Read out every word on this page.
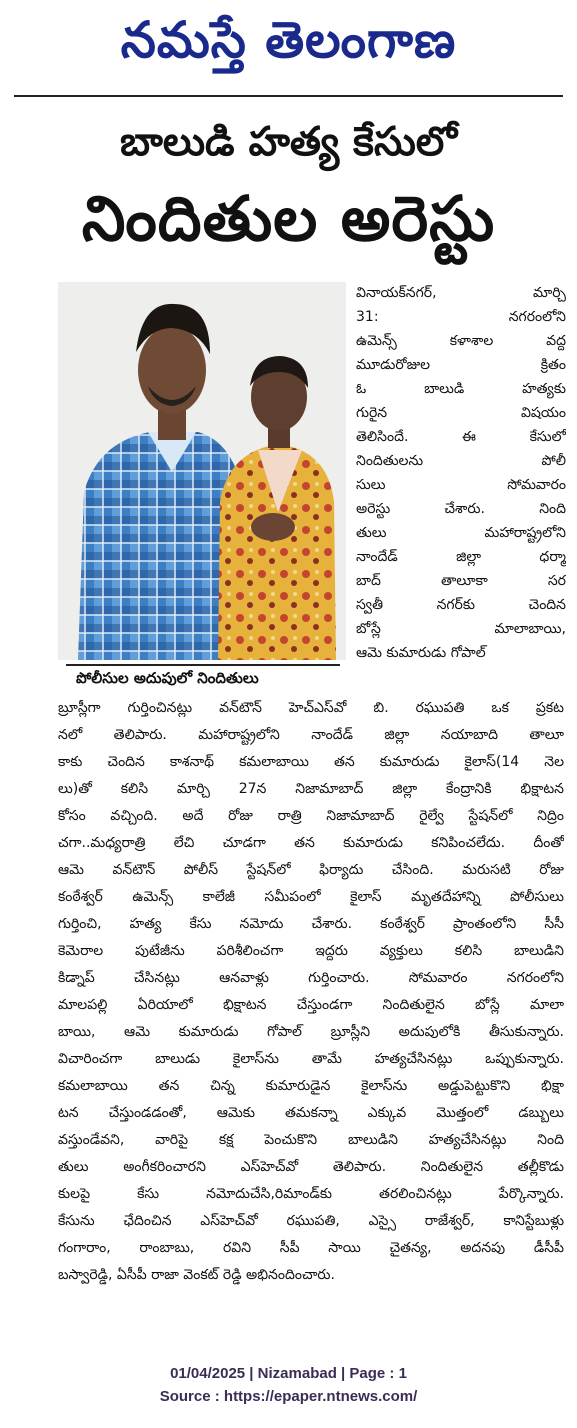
నమస్తే తెలంగాణ
బాలుడి హత్య కేసులో
నిందితుల అరెస్టు
పోలీసుల అదుపులో నిందితులు
వినాయక్‌నగర్, మార్చి
31: నగరంలోని
ఉమెన్స్ కళాశాల వద్ద
మూడురోజుల క్రితం
ఓ బాలుడి హత్యకు
గురైన విషయం
తెలిసిందే. ఈ కేసులో
నిందితులను పోలీ
సులు సోమవారం
అరెస్టు చేశారు. నింది
తులు మహారాష్ట్రలోని
నాందేడ్ జిల్లా ధర్మా
బాద్ తాలూకా సర
స్వతీ నగర్‌కు చెందిన
బోస్లే మాలాబాయి,
ఆమె కుమారుడు గోపాల్
బ్రూస్లీగా గుర్తించినట్లు వన్‌టౌన్ హెచ్ఎస్‌వో బి. రఘుపతి ఒక ప్రకట
నలో తెలిపారు. మహారాష్ట్రలోని నాందేడ్ జిల్లా నయాబాది తాలూ
కాకు చెందిన కాశనాథ్ కమలాబాయి తన కుమారుడు కైలాస్(14 నెల
లు)తో కలిసి మార్చి 27న నిజామాబాద్ జిల్లా కేంద్రానికి భిక్షాటన
కోసం వచ్చింది. అదే రోజు రాత్రి నిజామాబాద్ రైల్వే స్టేషన్‌లో నిద్రిం
చగా..మధ్యరాత్రి లేచి చూడగా తన కుమారుడు కనిపించలేదు. దీంతో
ఆమె వన్‌టౌన్ పోలీస్ స్టేషన్‌లో ఫిర్యాదు చేసింది. మరుసటి రోజు
కంఠేశ్వర్ ఉమెన్స్ కాలేజీ సమీపంలో కైలాస్ మృతదేహాన్ని పోలీసులు
గుర్తించి, హత్య కేసు నమోదు చేశారు. కంఠేశ్వర్ ప్రాంతంలోని సీసీ
కెమెరాల పుటేజీను పరిశీలించగా ఇద్దరు వ్యక్తులు కలిసి బాలుడిని
కిడ్నాప్ చేసినట్లు ఆనవాళ్లు గుర్తించారు. సోమవారం నగరంలోని
మాలపల్లి ఏరియాలో భిక్షాటన చేస్తుండగా నిందితులైన బోస్లే మాలా
బాయి, ఆమె కుమారుడు గోపాల్ బ్రూస్లీని అదుపులోకి తీసుకున్నారు.
విచారించగా బాలుడు కైలాస్‌ను తామే హత్యచేసినట్లు ఒప్పుకున్నారు.
కమలాబాయి తన చిన్న కుమారుడైన కైలాస్‌ను అడ్డుపెట్టుకొని భిక్షా
టన చేస్తుండడంతో, ఆమెకు తమకన్నా ఎక్కువ మొత్తంలో డబ్బులు
వస్తుండేవని, వారిపై కక్ష పెంచుకొని బాలుడిని హత్యచేసినట్లు నింది
తులు అంగీకరించారని ఎస్‌హెచ్‌వో తెలిపారు. నిందితులైన తల్లీకొడు
కులపై కేసు నమోదుచేసి,రిమాండ్‌కు తరలించినట్లు పేర్కొన్నారు.
కేసును ఛేదించిన ఎస్‌హెచ్‌వో రఘుపతి, ఎస్సై రాజేశ్వర్, కానిస్టేబుళ్లు
గంగారాం, రాంబాబు, రవిని సీపీ సాయి చైతన్య, అదనపు డీసీపీ
బస్వారెడ్డి, ఏసీపీ రాజా వెంకట్ రెడ్డి అభినందించారు.
01/04/2025 | Nizamabad | Page : 1
Source : https://epaper.ntnews.com/
